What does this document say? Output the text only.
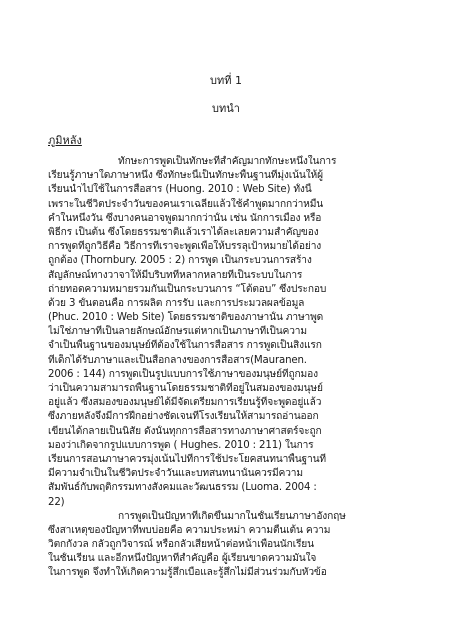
บทที่ 1
บทนำ
ภูมิหลัง
ทักษะการพูดเป็นทักษะที่สำคัญมากทักษะหนึ่งในการ
เรียนรู้ภาษาใดภาษาหนึ่ง ซึ่งทักษะนี้เป็นทักษะพื้นฐานที่มุ่งเน้นให้ผู้
เรียนนำไปใช้ในการสื่อสาร (Huong. 2010 : Web Site) ทั้งนี้
เพราะในชีวิตประจำวันของคนเราเฉลี่ยแล้วใช้คำพูดมากกว่าหมื่น
คำในหนึ่งวัน ซึ่งบางคนอาจพูดมากกว่านั้น เช่น นักการเมือง หรือ
พิธีกร เป็นต้น ซึ่งโดยธรรมชาติแล้วเราได้ละเลยความสำคัญของ
การพูดที่ถูกวิธีคือ วิธีการที่เราจะพูดเพื่อให้บรรลุเป้าหมายได้อย่าง
ถูกต้อง (Thornbury. 2005 : 2) การพูด เป็นกระบวนการสร้าง
สัญลักษณ์ทางวาจาให้มีบริบทที่หลากหลายที่เป็นระบบในการ
ถ่ายทอดความหมายรวมกันเป็นกระบวนการ “โต้ตอบ” ซึ่งประกอบ
ด้วย 3 ขั้นตอนคือ การผลิต การรับ และการประมวลผลข้อมูล
(Phuc. 2010 : Web Site) โดยธรรมชาติของภาษานั้น ภาษาพูด
ไม่ใช่ภาษาที่เป็นลายลักษณ์อักษรแต่หากเป็นภาษาที่เป็นความ
จำเป็นพื้นฐานของมนุษย์ที่ต้องใช้ในการสื่อสาร การพูดเป็นสิ่งแรก
ที่เด็กได้รับภาษาและเป็นสื่อกลางของการสื่อสาร(Mauranen.
2006 : 144) การพูดเป็นรูปแบบการใช้ภาษาของมนุษย์ที่ถูกมอง
ว่าเป็นความสามารถพื้นฐานโดยธรรมชาติที่อยู่ในสมองของมนุษย์
อยู่แล้ว ซึ่งสมองของมนุษย์ได้มีจัดเตรียมการเรียนรู้ที่จะพูดอยู่แล้ว
ซึ่งภายหลังจึงมีการฝึกอย่างชัดเจนที่โรงเรียนให้สามารถอ่านออก
เขียนได้กลายเป็นนิสัย ดังนั้นทุกการสื่อสารทางภาษาศาสตร์จะถูก
มองว่าเกิดจากรูปแบบการพูด ( Hughes. 2010 : 211) ในการ
เรียนการสอนภาษาควรมุ่งเน้นไปที่การใช้ประโยคสนทนาพื้นฐานที่
มีความจำเป็นในชีวิตประจำวันและบทสนทนานั้นควรมีความ
สัมพันธ์กับพฤติกรรมทางสังคมและวัฒนธรรม (Luoma. 2004 :
22)
การพูดเป็นปัญหาที่เกิดขึ้นมากในชั้นเรียนภาษาอังกฤษ
ซึ่งสาเหตุของปัญหาที่พบบ่อยคือ ความประหม่า ความตื่นเต้น ความ
วิตกกังวล กลัวถูกวิจารณ์ หรือกลัวเสียหน้าต่อหน้าเพื่อนนักเรียน
ในชั้นเรียน และอีกหนึ่งปัญหาที่สำคัญคือ ผู้เรียนขาดความมั่นใจ
ในการพูด จึงทำให้เกิดความรู้สึกเบื่อและรู้สึกไม่มีส่วนร่วมกับหัวข้อ
